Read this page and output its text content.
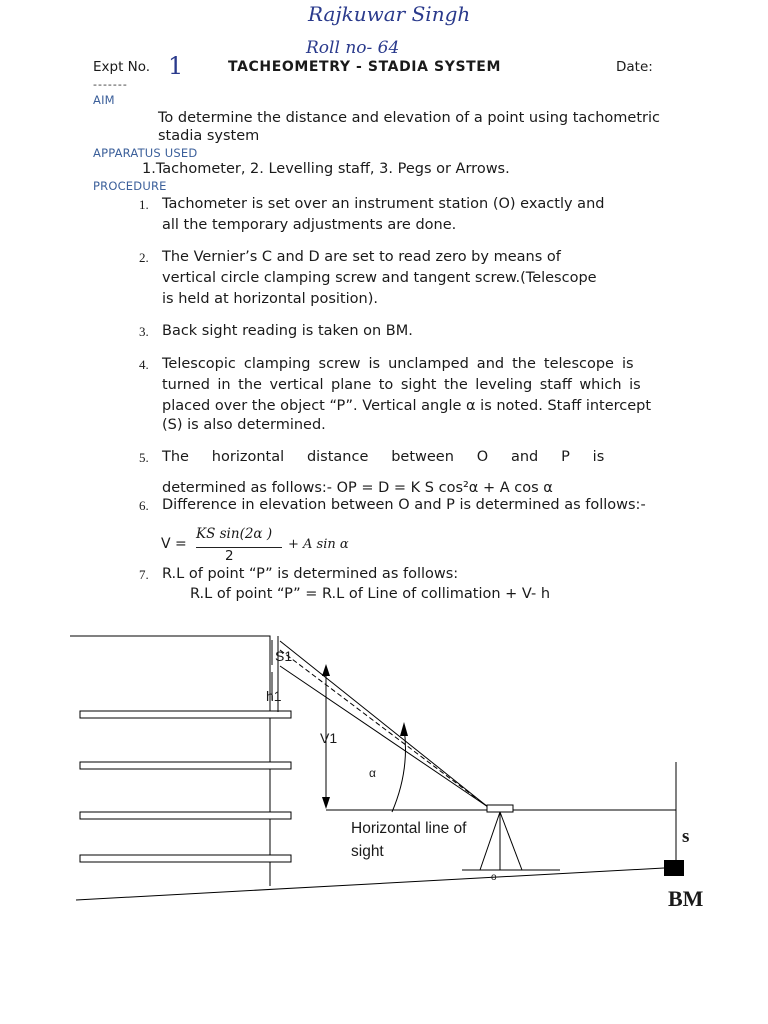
Rajkuwar Singh
Roll no- 64
Expt No. 1	TACHEOMETRY - STADIA SYSTEM	Date:
-------
AIM
To determine the distance and elevation of a point using tachometric
stadia system
APPARATUS USED
1.Tachometer, 2. Levelling staff, 3. Pegs or Arrows.
PROCEDURE
1. Tachometer is set over an instrument station (O) exactly and
all the temporary adjustments are done.
2. The Vernier’s C and D are set to read zero by means of
vertical circle clamping screw and tangent screw.(Telescope
is held at horizontal position).
3. Back sight reading is taken on BM.
4. Telescopic clamping screw is unclamped and the telescope is
turned in the vertical plane to sight the leveling staff which is
placed over the object “P”. Vertical angle α is noted. Staff intercept
(S) is also determined.
5. The   horizontal   distance   between   O   and   P   is
determined as follows:- OP = D = K S cos²α + A cos α
6. Difference in elevation between O and P is determined as follows:-
V =
KS sin(2α )
2
+ A sin α
7. R.L of point “P” is determined as follows:
R.L of point “P” = R.L of Line of collimation + V- h
S1
h1
V1
α
Horizontal line of
sight
s
BM
o
